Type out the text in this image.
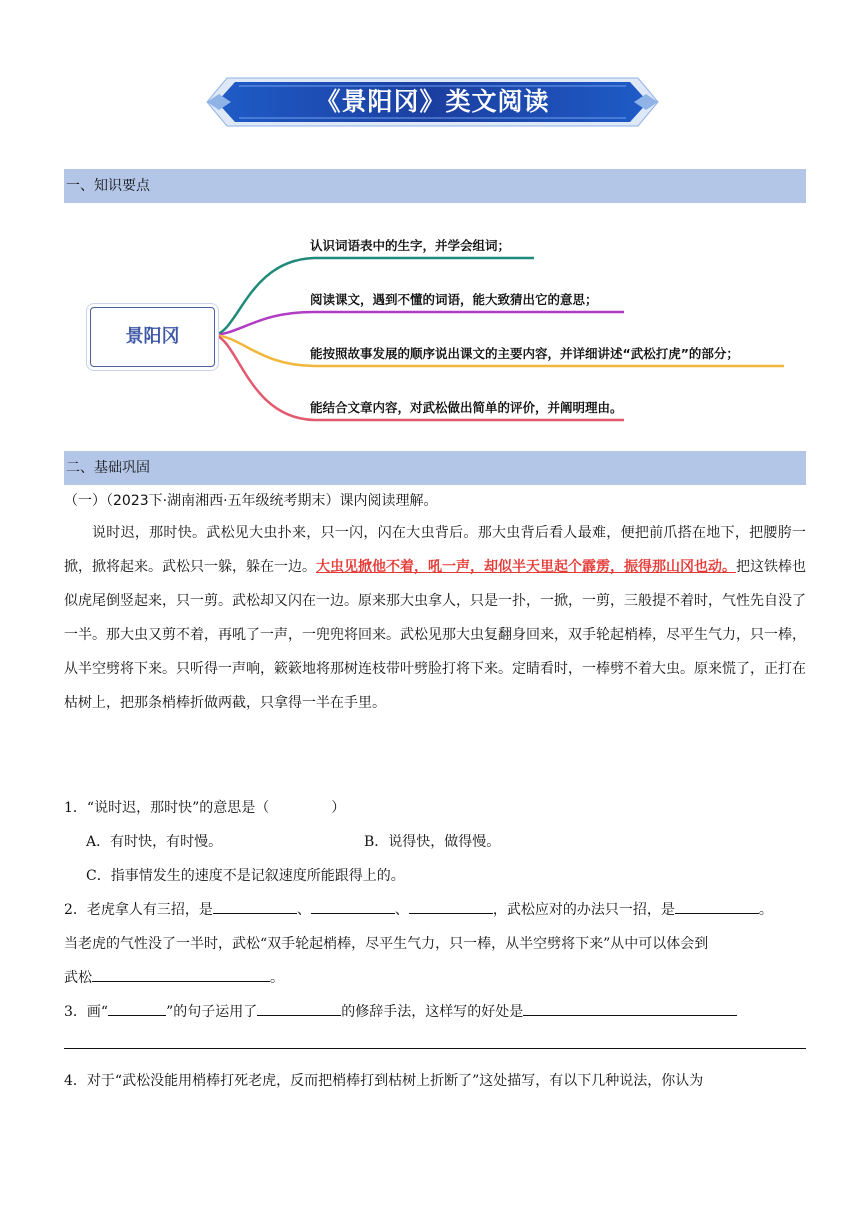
《景阳冈》类文阅读
一、知识要点
景阳冈
认识词语表中的生字，并学会组词；
阅读课文，遇到不懂的词语，能大致猜出它的意思；
能按照故事发展的顺序说出课文的主要内容，并详细讲述“武松打虎”的部分；
能结合文章内容，对武松做出简单的评价，并阐明理由。
二、基础巩固
（一）（2023下·湖南湘西·五年级统考期末）课内阅读理解。
说时迟，那时快。武松见大虫扑来，只一闪，闪在大虫背后。那大虫背后看人最难，便把前爪搭在地下，把腰胯一掀，掀将起来。武松只一躲，躲在一边。大虫见掀他不着，吼一声，却似半天里起个霹雳，振得那山冈也动。把这铁棒也似虎尾倒竖起来，只一剪。武松却又闪在一边。原来那大虫拿人，只是一扑，一掀，一剪，三般提不着时，气性先自没了一半。那大虫又剪不着，再吼了一声，一兜兜将回来。武松见那大虫复翻身回来，双手轮起梢棒，尽平生气力，只一棒，从半空劈将下来。只听得一声响，簌簌地将那树连枝带叶劈脸打将下来。定睛看时，一棒劈不着大虫。原来慌了，正打在枯树上，把那条梢棒折做两截，只拿得一半在手里。
1．“说时迟，那时快”的意思是（	）
A．有时快，有时慢。	B．说得快，做得慢。
C．指事情发生的速度不是记叙速度所能跟得上的。
2．老虎拿人有三招，是	、	、	，武松应对的办法只一招，是	。
当老虎的气性没了一半时，武松“双手轮起梢棒，尽平生气力，只一棒，从半空劈将下来”从中可以体会到
武松	。
3．画“	”的句子运用了	的修辞手法，这样写的好处是
4．对于“武松没能用梢棒打死老虎，反而把梢棒打到枯树上折断了”这处描写，有以下几种说法，你认为
